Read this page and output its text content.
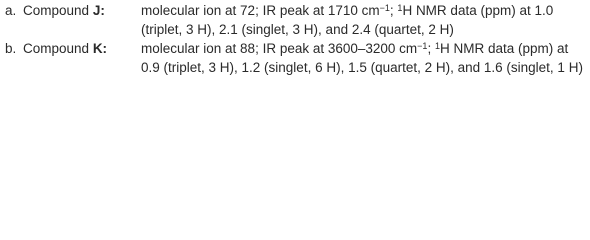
a. Compound J:	molecular ion at 72; IR peak at 1710 $cm^{-1}$; $^1$H NMR data (ppm) at 1.0
(triplet, 3 H), 2.1 (singlet, 3 H), and 2.4 (quartet, 2 H)
b. Compound K:	molecular ion at 88; IR peak at 3600–3200 $cm^{-1}$; $^1$H NMR data (ppm) at
0.9 (triplet, 3 H), 1.2 (singlet, 6 H), 1.5 (quartet, 2 H), and 1.6 (singlet, 1 H)
